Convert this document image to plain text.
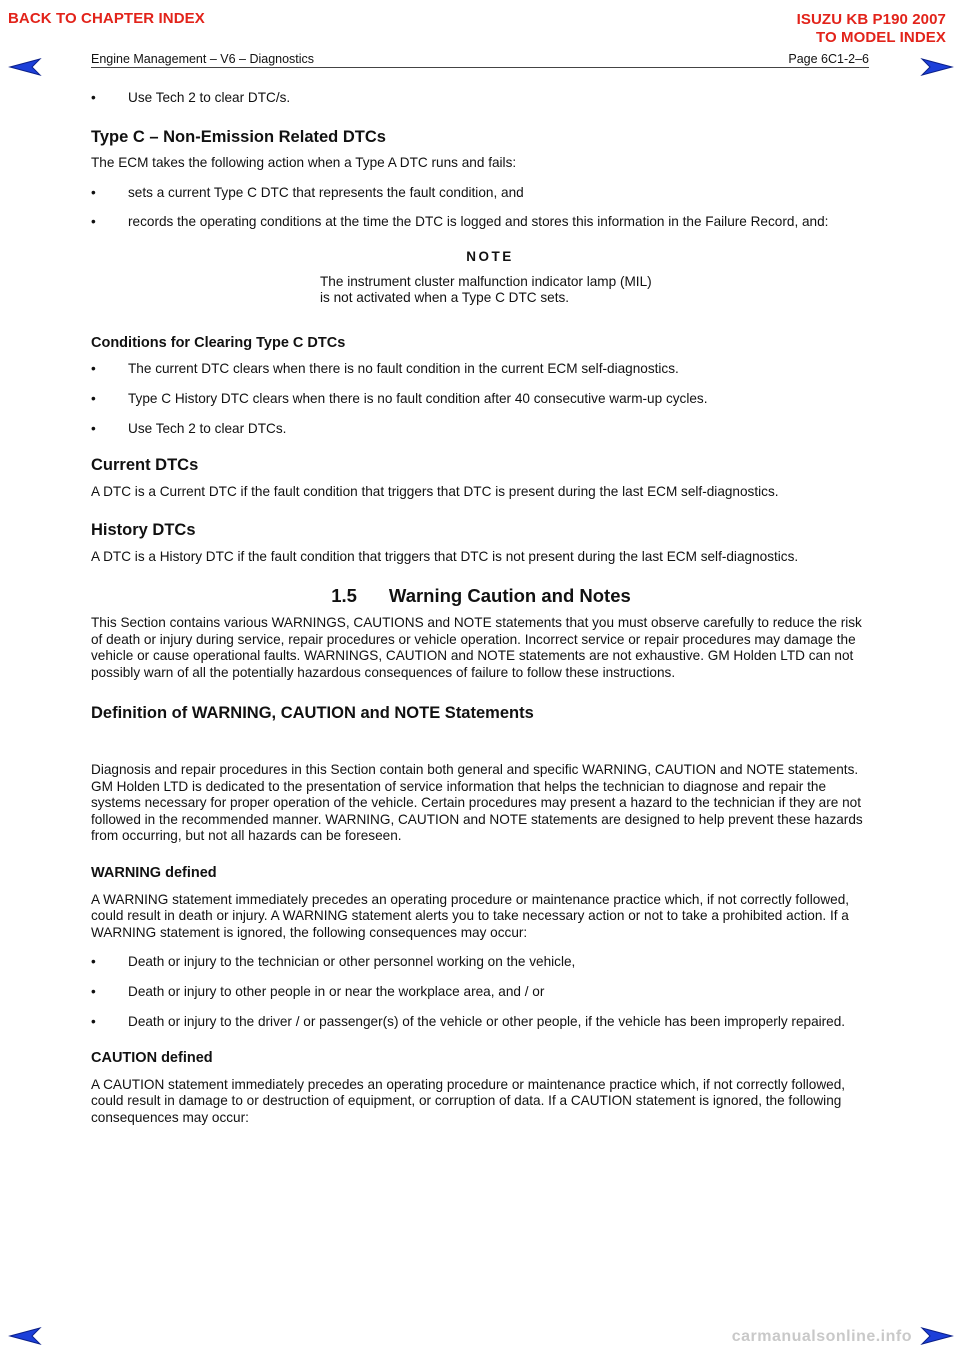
BACK TO CHAPTER INDEX	ISUZU KB P190 2007
TO MODEL INDEX
Engine Management – V6 – Diagnostics	Page 6C1-2–6
• Use Tech 2 to clear DTC/s.
Type C – Non-Emission Related DTCs

The ECM takes the following action when a Type A DTC runs and fails:

• sets a current Type C DTC that represents the fault condition, and
• records the operating conditions at the time the DTC is logged and stores this information in the Failure Record, and:
NOTE
The instrument cluster malfunction indicator lamp (MIL) is not activated when a Type C DTC sets.
Conditions for Clearing Type C DTCs
• The current DTC clears when there is no fault condition in the current ECM self-diagnostics.
• Type C History DTC clears when there is no fault condition after 40 consecutive warm-up cycles.
• Use Tech 2 to clear DTCs.
Current DTCs

A DTC is a Current DTC if the fault condition that triggers that DTC is present during the last ECM self-diagnostics.

History DTCs

A DTC is a History DTC if the fault condition that triggers that DTC is not present during the last ECM self-diagnostics.

1.5 Warning Caution and Notes

This Section contains various WARNINGS, CAUTIONS and NOTE statements that you must observe carefully to reduce the risk of death or injury during service, repair procedures or vehicle operation. Incorrect service or repair procedures may damage the vehicle or cause operational faults. WARNINGS, CAUTION and NOTE statements are not exhaustive. GM Holden LTD can not possibly warn of all the potentially hazardous consequences of failure to follow these instructions.

Definition of WARNING, CAUTION and NOTE Statements

Diagnosis and repair procedures in this Section contain both general and specific WARNING, CAUTION and NOTE statements. GM Holden LTD is dedicated to the presentation of service information that helps the technician to diagnose and repair the systems necessary for proper operation of the vehicle. Certain procedures may present a hazard to the technician if they are not followed in the recommended manner. WARNING, CAUTION and NOTE statements are designed to help prevent these hazards from occurring, but not all hazards can be foreseen.

WARNING defined

A WARNING statement immediately precedes an operating procedure or maintenance practice which, if not correctly followed, could result in death or injury. A WARNING statement alerts you to take necessary action or not to take a prohibited action. If a WARNING statement is ignored, the following consequences may occur:

• Death or injury to the technician or other personnel working on the vehicle,
• Death or injury to other people in or near the workplace area, and / or
• Death or injury to the driver / or passenger(s) of the vehicle or other people, if the vehicle has been improperly repaired.
CAUTION defined

A CAUTION statement immediately precedes an operating procedure or maintenance practice which, if not correctly followed, could result in damage to or destruction of equipment, or corruption of data. If a CAUTION statement is ignored, the following consequences may occur:

carmanualsonline.info
